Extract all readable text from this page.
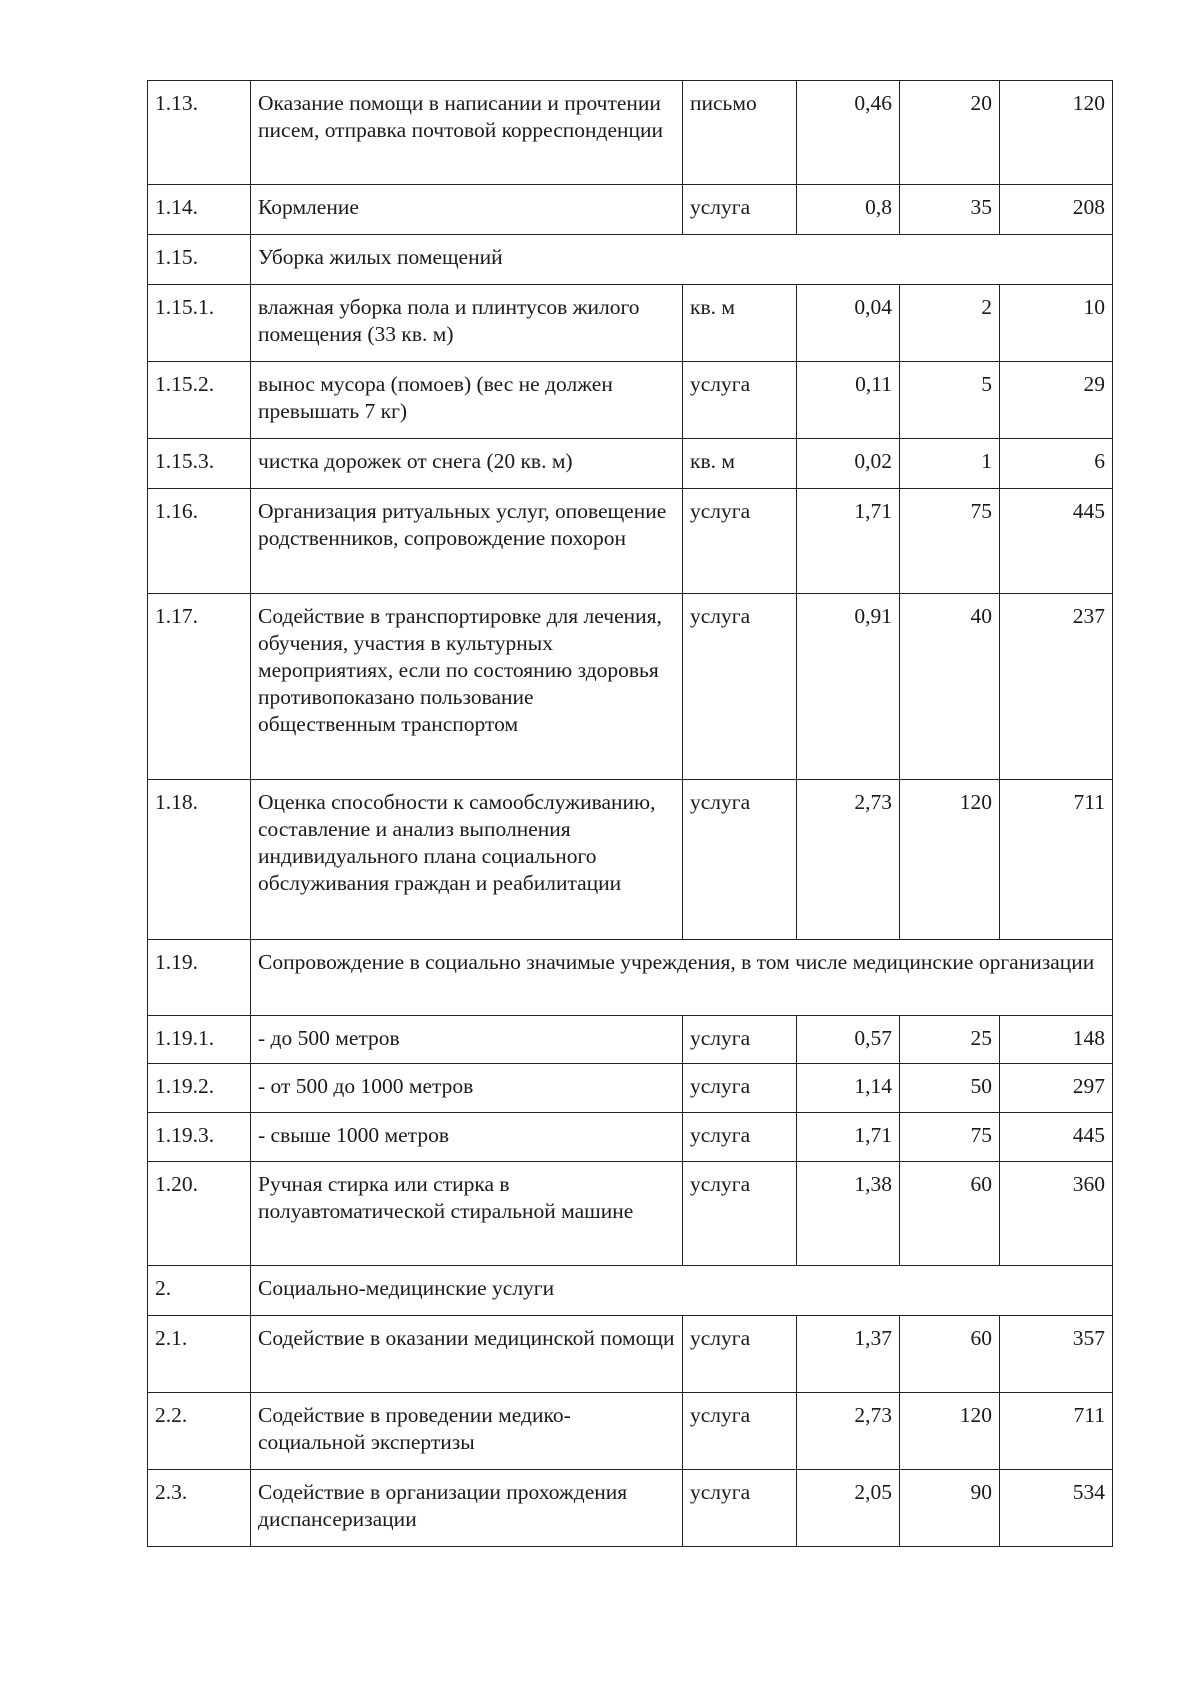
1.13.	Оказание помощи в написании и прочтении писем, отправка почтовой корреспонденции	письмо	0,46	20	120
1.14.	Кормление	услуга	0,8	35	208
1.15.	Уборка жилых помещений				
1.15.1.	влажная уборка пола и плинтусов жилого помещения (33 кв. м)	кв. м	0,04	2	10
1.15.2.	вынос мусора (помоев) (вес не должен превышать 7 кг)	услуга	0,11	5	29
1.15.3.	чистка дорожек от снега (20 кв. м)	кв. м	0,02	1	6
1.16.	Организация ритуальных услуг, оповещение родственников, сопровождение похорон	услуга	1,71	75	445
1.17.	Содействие в транспортировке для лечения, обучения, участия в культурных мероприятиях, если по состоянию здоровья противопоказано пользование общественным транспортом	услуга	0,91	40	237
1.18.	Оценка способности к самообслуживанию, составление и анализ выполнения индивидуального плана социального обслуживания граждан и реабилитации	услуга	2,73	120	711
1.19.	Сопровождение в социально значимые учреждения, в том числе медицинские организации				
1.19.1.	- до 500 метров	услуга	0,57	25	148
1.19.2.	- от 500 до 1000 метров	услуга	1,14	50	297
1.19.3.	- свыше 1000 метров	услуга	1,71	75	445
1.20.	Ручная стирка или стирка в полуавтоматической стиральной машине	услуга	1,38	60	360
2.	Социально-медицинские услуги				
2.1.	Содействие в оказании медицинской помощи	услуга	1,37	60	357
2.2.	Содействие в проведении медико-социальной экспертизы	услуга	2,73	120	711
2.3.	Содействие в организации прохождения диспансеризации	услуга	2,05	90	534
